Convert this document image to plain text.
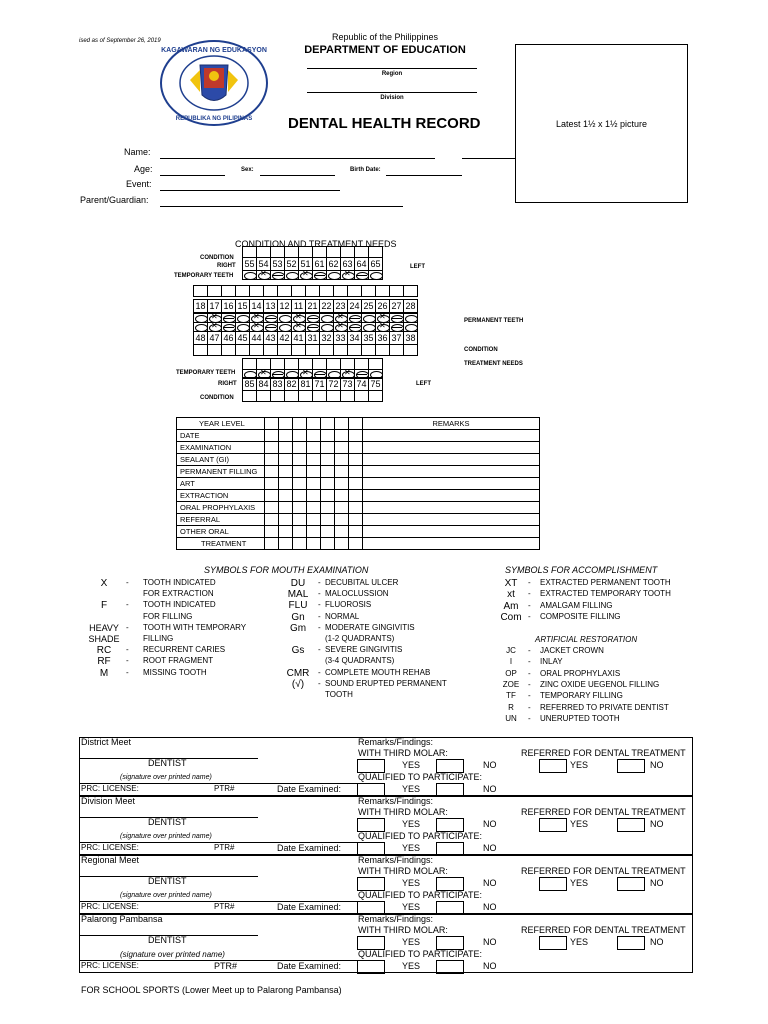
ised as of September 26, 2019
KAGAWARAN NG EDUKASYON
REPUBLIKA NG PILIPINAS
Republic of the Philippines
DEPARTMENT OF EDUCATION
Region
Division
DENTAL HEALTH RECORD	Latest 1½ x 1½ picture
Name:
Age:	Sex:	Birth Date:
Event:
Parent/Guardian:
CONDITION AND TREATMENT NEEDS
CONDITION
RIGHT	LEFT
TEMPORARY TEETH
55 54 53 52 51 61 62 63 64 65
✕
✕
✕
18 17 16 15 14 13 12 11 21 22 23 24 25 26 27 28
✕
✕
✕
✕
✕
✕
✕
✕
✕
✕
48 47 46 45 44 43 42 41 31 32 33 34 35 36 37 38
PERMANENT TEETH
CONDITION
TREATMENT NEEDS
✕
✕
✕
85 84 83 82 81 71 72 73 74 75
TEMPORARY TEETH
RIGHT	LEFT
CONDITION
YEAR LEVEL								REMARKS
DATE								
EXAMINATION								
SEALANT (GI)								
PERMANENT FILLING								
ART								
EXTRACTION								
ORAL PROPHYLAXIS								
REFERRAL								
OTHER ORAL								
TREATMENT								
SYMBOLS FOR MOUTH EXAMINATION	SYMBOLS FOR ACCOMPLISHMENT
X	- TOOTH INDICATED
FOR EXTRACTION
F	- TOOTH INDICATED
FOR FILLING
HEAVY - TOOTH WITH TEMPORARY
SHADE	FILLING
RC	- RECURRENT CARIES
RF	- ROOT FRAGMENT
M	- MISSING TOOTH
DU	- DECUBITAL ULCER
MAL	- MALOCLUSSION
FLU	- FLUOROSIS
Gn	- NORMAL
Gm	- MODERATE GINGIVITIS
(1-2 QUADRANTS)
Gs	- SEVERE GINGIVITIS
(3-4 QUADRANTS)
CMR	- COMPLETE MOUTH REHAB
(√)	- SOUND ERUPTED PERMANENT
TOOTH
XT	- EXTRACTED PERMANENT TOOTH
xt	- EXTRACTED TEMPORARY TOOTH
Am	- AMALGAM FILLING
Com - COMPOSITE FILLING
JC	- JACKET CROWN
I	- INLAY
OP	- ORAL PROPHYLAXIS
ZOE	- ZINC OXIDE UEGENOL FILLING
TF	- TEMPORARY FILLING
R	- REFERRED TO PRIVATE DENTIST
UN	- UNERUPTED TOOTH
ARTIFICIAL RESTORATION
District Meet
DENTIST
(signature over printed name)
PRC: LICENSE:	PTR#	Date Examined:
Remarks/Findings:
WITH THIRD MOLAR:
YES	NO
QUALIFIED TO PARTICIPATE:
YES	NO
REFERRED FOR DENTAL TREATMENT
YES	NO
Division Meet
DENTIST
(signature over printed name)
PRC: LICENSE:	PTR#	Date Examined:
Remarks/Findings:
WITH THIRD MOLAR:
YES	NO
QUALIFIED TO PARTICIPATE:
YES	NO
REFERRED FOR DENTAL TREATMENT
YES	NO
Regional Meet
DENTIST
(signature over printed name)
PRC: LICENSE:	PTR#	Date Examined:
Remarks/Findings:
WITH THIRD MOLAR:
YES	NO
QUALIFIED TO PARTICIPATE:
YES	NO
REFERRED FOR DENTAL TREATMENT
YES	NO
Palarong Pambansa
DENTIST
(signature over printed name)
PRC: LICENSE:	PTR#	Date Examined:
Remarks/Findings:
WITH THIRD MOLAR:
YES	NO
QUALIFIED TO PARTICIPATE:
YES	NO
REFERRED FOR DENTAL TREATMENT
YES	NO
FOR SCHOOL SPORTS (Lower Meet up to Palarong Pambansa)
